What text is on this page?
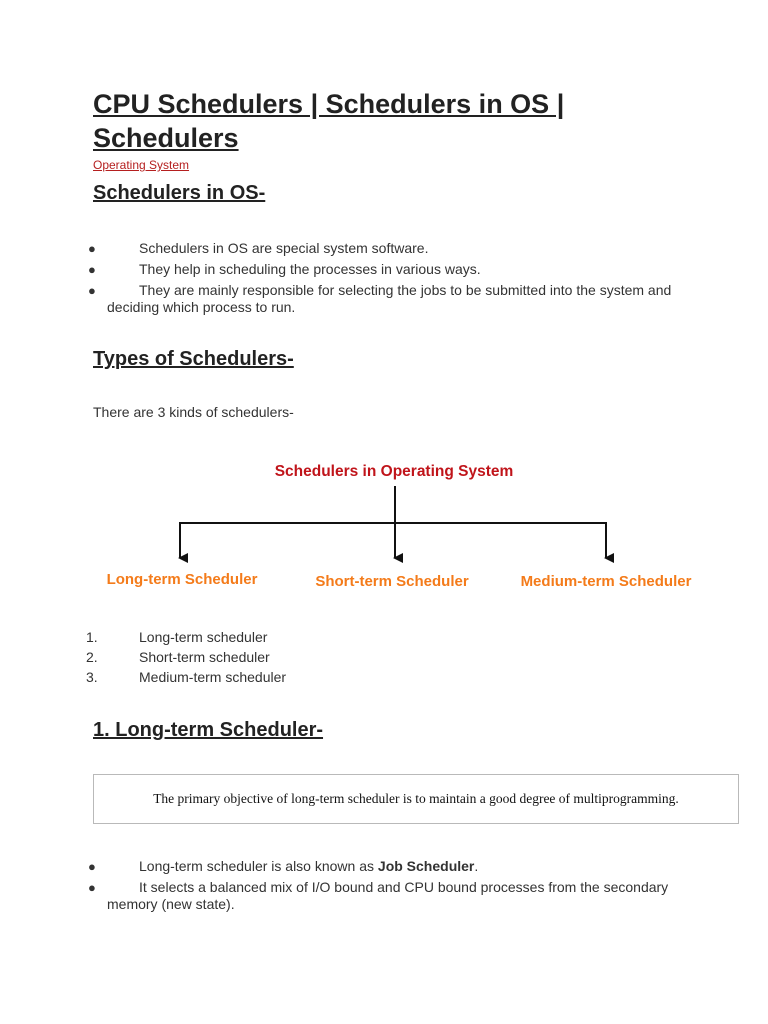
CPU Schedulers | Schedulers in OS | Schedulers
Operating System
Schedulers in OS-
●	Schedulers in OS are special system software.
●	They help in scheduling the processes in various ways.
●	They are mainly responsible for selecting the jobs to be submitted into the system and deciding which process to run.
Types of Schedulers-
There are 3 kinds of schedulers-
Schedulers in Operating System
Long-term Scheduler	Short-term Scheduler	Medium-term Scheduler
1.	Long-term scheduler
2.	Short-term scheduler
3.	Medium-term scheduler
1. Long-term Scheduler-
The primary objective of long-term scheduler is to maintain a good degree of multiprogramming.
●	Long-term scheduler is also known as Job Scheduler.
●	It selects a balanced mix of I/O bound and CPU bound processes from the secondary memory (new state).
